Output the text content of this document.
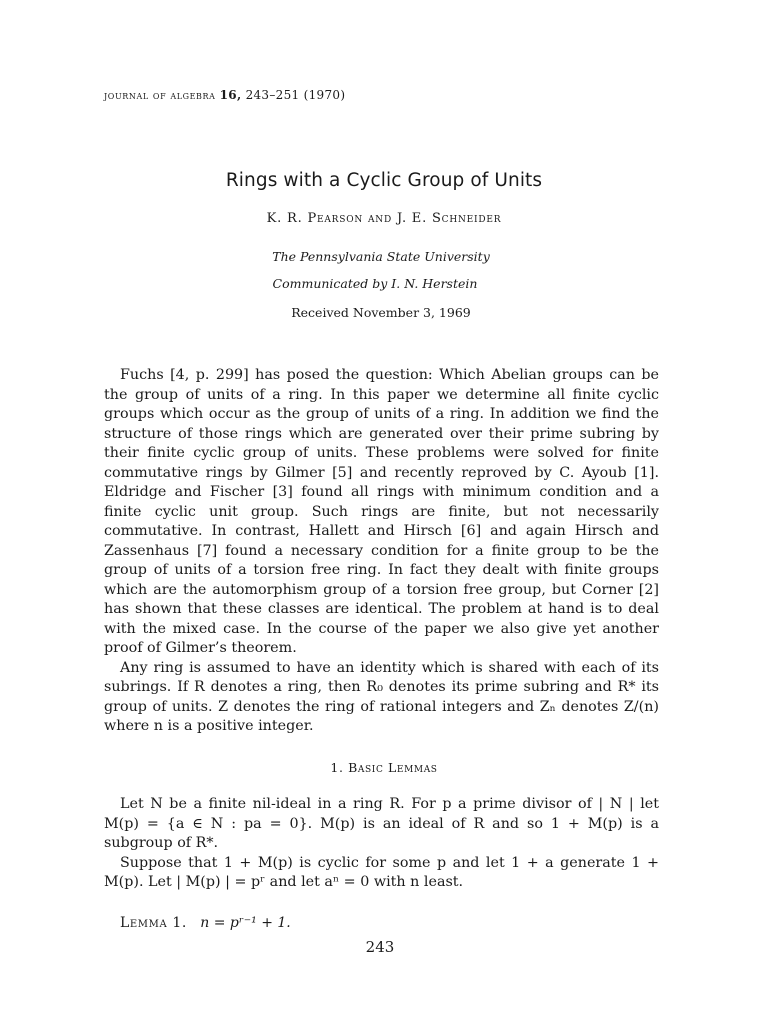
journal of algebra 16, 243–251 (1970)
Rings with a Cyclic Group of Units
K. R. Pearson and J. E. Schneider
The Pennsylvania State University
Communicated by I. N. Herstein
Received November 3, 1969

Fuchs [4, p. 299] has posed the question: Which Abelian groups can be the group of units of a ring. In this paper we determine all finite cyclic groups which occur as the group of units of a ring. In addition we find the structure of those rings which are generated over their prime subring by their finite cyclic group of units. These problems were solved for finite commutative rings by Gilmer [5] and recently reproved by C. Ayoub [1]. Eldridge and Fischer [3] found all rings with minimum condition and a finite cyclic unit group. Such rings are finite, but not necessarily commutative. In contrast, Hallett and Hirsch [6] and again Hirsch and Zassenhaus [7] found a necessary condition for a finite group to be the group of units of a torsion free ring. In fact they dealt with finite groups which are the automorphism group of a torsion free group, but Corner [2] has shown that these classes are identical. The problem at hand is to deal with the mixed case. In the course of the paper we also give yet another proof of Gilmer’s theorem.

Any ring is assumed to have an identity which is shared with each of its subrings. If R denotes a ring, then R₀ denotes its prime subring and R* its group of units. Z denotes the ring of rational integers and Zₙ denotes Z/(n) where n is a positive integer.

1. Basic Lemmas

Let N be a finite nil-ideal in a ring R. For p a prime divisor of | N | let M(p) = {a ∈ N : pa = 0}. M(p) is an ideal of R and so 1 + M(p) is a subgroup of R*.

Suppose that 1 + M(p) is cyclic for some p and let 1 + a generate 1 + M(p). Let | M(p) | = pʳ and let aⁿ = 0 with n least.

Lemma 1. n = pʳ⁻¹ + 1.
243
